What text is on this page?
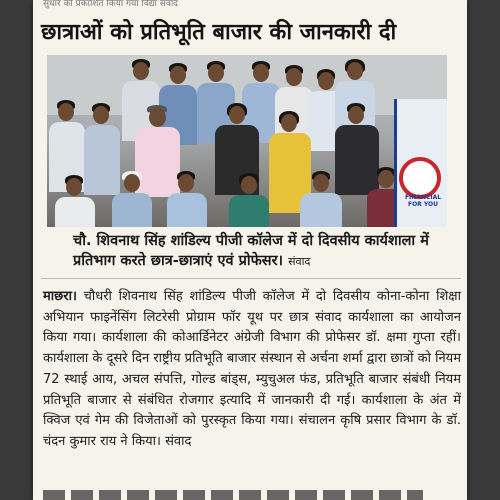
सुधार को प्रकाशित किया गया विद्या संवाद
छात्राओं को प्रतिभूति बाजार की जानकारी दी
FINANCIAL FOR YOU
चौ. शिवनाथ सिंह शांडिल्य पीजी कॉलेज में दो दिवसीय कार्यशाला में प्रतिभाग करते छात्र-छात्राएं एवं प्रोफेसर। संवाद
माछरा। चौधरी शिवनाथ सिंह शांडिल्य पीजी कॉलेज में दो दिवसीय कोना-कोना शिक्षा अभियान फाइनेंसिंग लिटरेसी प्रोग्राम फॉर यूथ पर छात्र संवाद कार्यशाला का आयोजन किया गया। कार्यशाला की कोआर्डिनेटर अंग्रेजी विभाग की प्रोफेसर डॉ. क्षमा गुप्ता रहीं। कार्यशाला के दूसरे दिन राष्ट्रीय प्रतिभूति बाजार संस्थान से अर्चना शर्मा द्वारा छात्रों को नियम 72 स्थाई आय, अचल संपत्ति, गोल्ड बांड्स, म्युचुअल फंड, प्रतिभूति बाजार संबंधी नियम प्रतिभूति बाजार से संबंधित रोजगार इत्यादि में जानकारी दी गई। कार्यशाला के अंत में क्विज एवं गेम की विजेताओं को पुरस्कृत किया गया। संचालन कृषि प्रसार विभाग के डॉ. चंदन कुमार राय ने किया। संवाद
